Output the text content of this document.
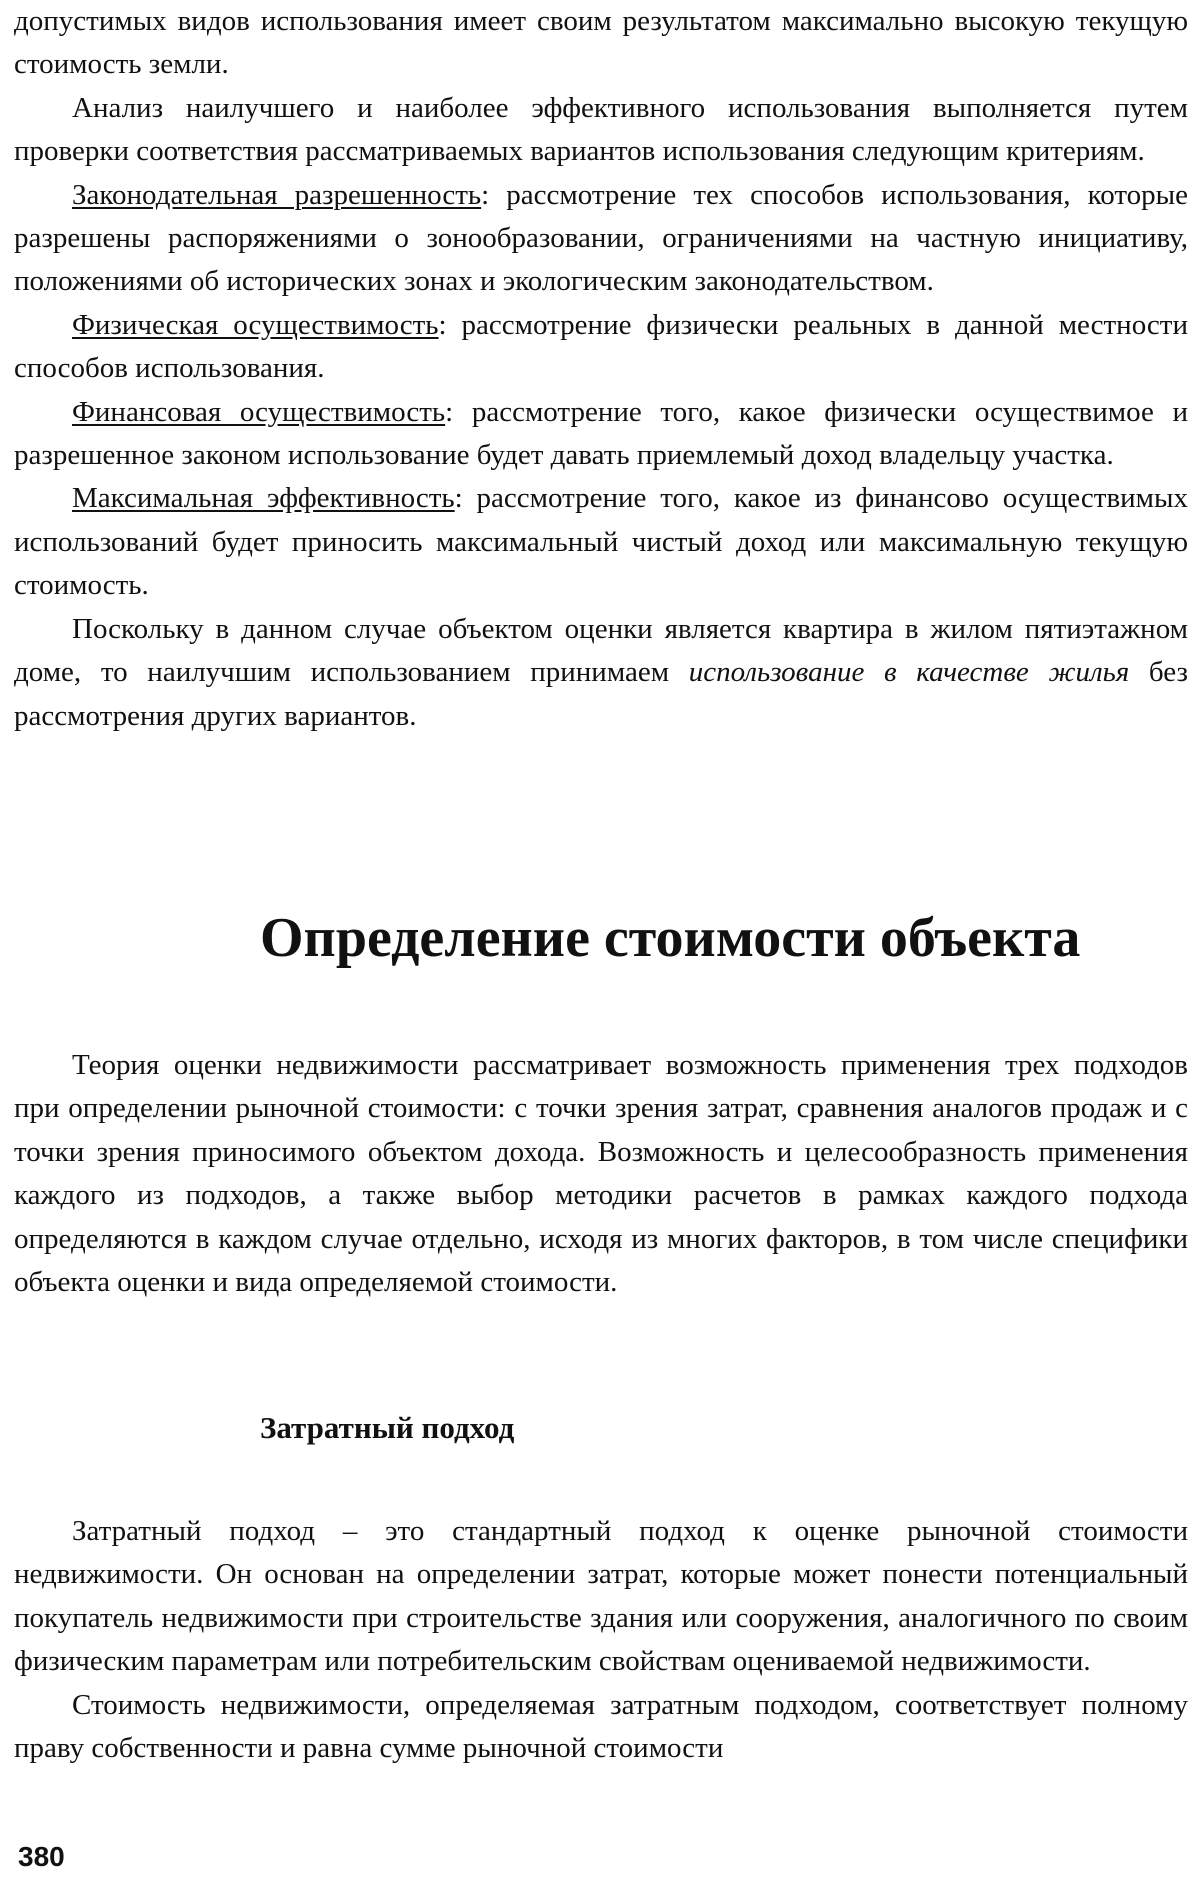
допустимых видов использования имеет своим результатом максимально высокую текущую стоимость земли.

Анализ наилучшего и наиболее эффективного использования выполняется путем проверки соответствия рассматриваемых вариантов использования следующим критериям.

Законодательная разрешенность: рассмотрение тех способов использования, которые разрешены распоряжениями о зонообразовании, ограничениями на частную инициативу, положениями об исторических зонах и экологическим законодательством.

Физическая осуществимость: рассмотрение физически реальных в данной местности способов использования.

Финансовая осуществимость: рассмотрение того, какое физически осуществимое и разрешенное законом использование будет давать приемлемый доход владельцу участка.

Максимальная эффективность: рассмотрение того, какое из финансово осуществимых использований будет приносить максимальный чистый доход или максимальную текущую стоимость.

Поскольку в данном случае объектом оценки является квартира в жилом пятиэтажном доме, то наилучшим использованием принимаем использование в качестве жилья без рассмотрения других вариантов.

Определение стоимости объекта

Теория оценки недвижимости рассматривает возможность применения трех подходов при определении рыночной стоимости: с точки зрения затрат, сравнения аналогов продаж и с точки зрения приносимого объектом дохода. Возможность и целесообразность применения каждого из подходов, а также выбор методики расчетов в рамках каждого подхода определяются в каждом случае отдельно, исходя из многих факторов, в том числе специфики объекта оценки и вида определяемой стоимости.

Затратный подход

Затратный подход – это стандартный подход к оценке рыночной стоимости недвижимости. Он основан на определении затрат, которые может понести потенциальный покупатель недвижимости при строительстве здания или сооружения, аналогичного по своим физическим параметрам или потребительским свойствам оцениваемой недвижимости.

Стоимость недвижимости, определяемая затратным подходом, соответствует полному праву собственности и равна сумме рыночной стоимости

380
